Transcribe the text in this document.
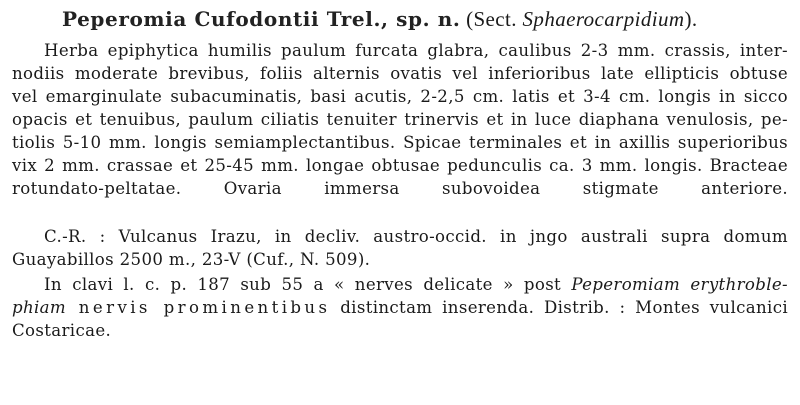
Peperomia Cufodontii Trel., sp. n. (Sect. Sphaerocarpidium).
Herba epiphytica humilis paulum furcata glabra, caulibus 2-3 mm. crassis, inter-
nodiis moderate brevibus, foliis alternis ovatis vel inferioribus late ellipticis obtuse
vel emarginulate subacuminatis, basi acutis, 2-2,5 cm. latis et 3-4 cm. longis in sicco
opacis et tenuibus, paulum ciliatis tenuiter trinervis et in luce diaphana venulosis, pe-
tiolis 5-10 mm. longis semiamplectantibus. Spicae terminales et in axillis superioribus
vix 2 mm. crassae et 25-45 mm. longae obtusae pedunculis ca. 3 mm. longis. Bracteae
rotundato-peltatae. Ovaria immersa subovoidea stigmate anteriore.
C.-R. : Vulcanus Irazu, in decliv. austro-occid. in jngo australi supra domum
Guayabillos 2500 m., 23-V (Cuf., N. 509).
In clavi l. c. p. 187 sub 55 a « nerves delicate » post Peperomiam erythroble-
phiam nervis prominentibus distinctam inserenda. Distrib. : Montes vulcanici
Costaricae.
